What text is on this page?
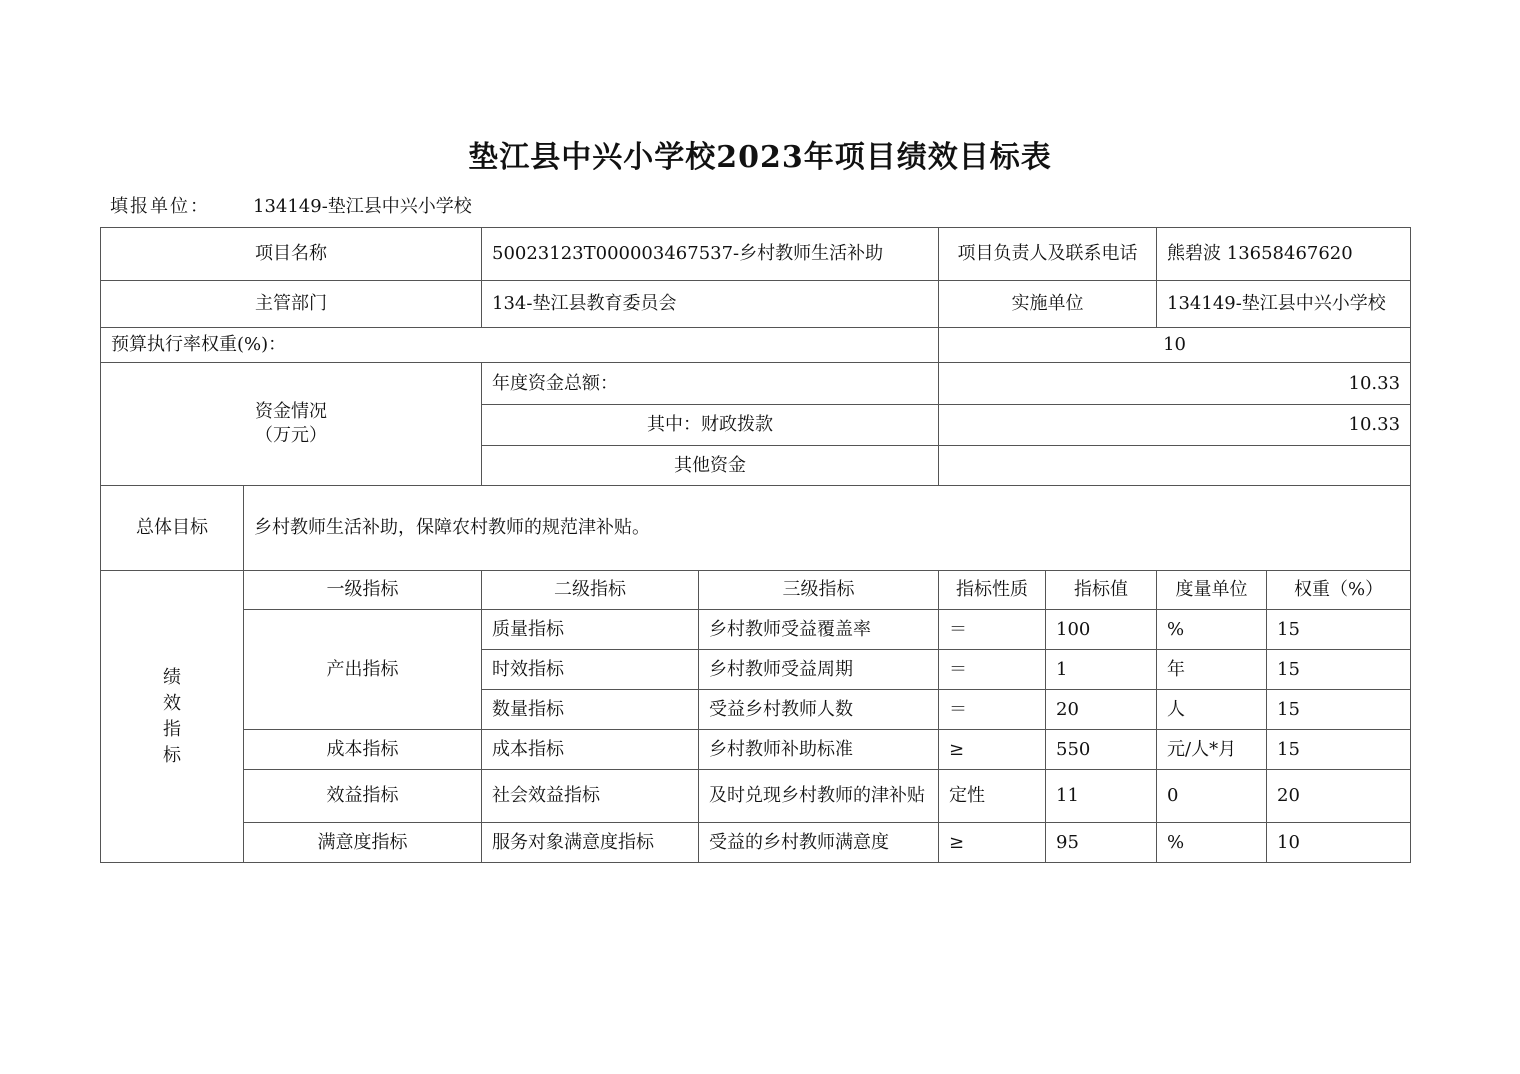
垫江县中兴小学校2023年项目绩效目标表
填报单位： 134149-垫江县中兴小学校
项目名称		50023123T000003467537-乡村教师生活补助		项目负责人及联系电话		熊碧波 13658467620	
主管部门		134-垫江县教育委员会		实施单位		134149-垫江县中兴小学校	
预算执行率权重(%)：				10			

资金情况
（万元）		年度资金总额：		10.33			
		其中：财政拨款		10.33			
		其他资金					
总体目标	乡村教师生活补助，保障农村教师的规范津补贴。						

绩
效
指
标	一级指标	二级指标	三级指标	指标性质	指标值	度量单位	权重（%）
	产出指标	质量指标	乡村教师受益覆盖率	＝	100	%	15
		时效指标	乡村教师受益周期	＝	1	年	15
		数量指标	受益乡村教师人数	＝	20	人	15
	成本指标	成本指标	乡村教师补助标准	≥	550	元/人*月	15
	效益指标	社会效益指标	及时兑现乡村教师的津补贴	定性	11	0	20
	满意度指标	服务对象满意度指标	受益的乡村教师满意度	≥	95	%	10
